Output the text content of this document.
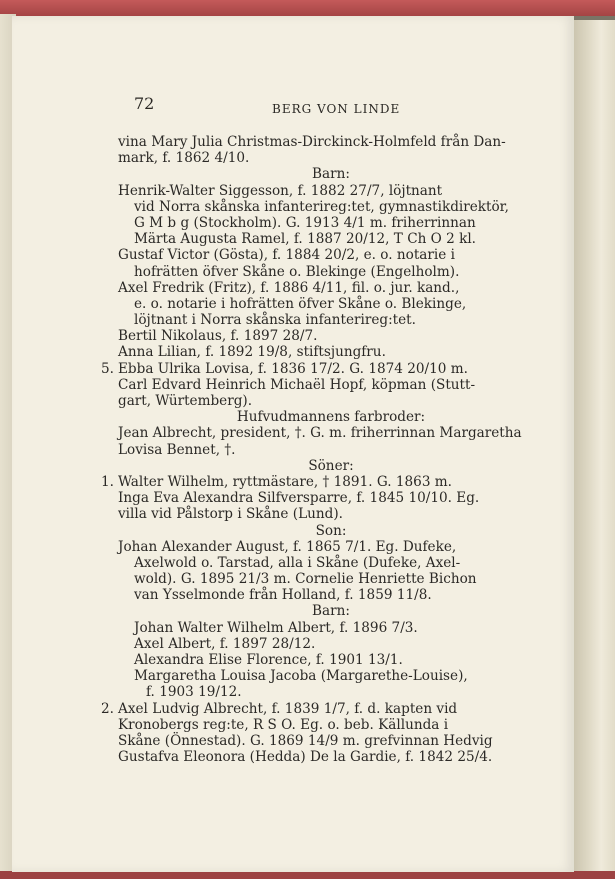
72	BERG VON LINDE
vina Mary Julia Christmas-Dirckinck-Holmfeld från Dan-
mark, f. 1862 4/10.
Barn:
Henrik-Walter Siggesson, f. 1882 27/7, löjtnant
vid Norra skånska infanterireg:tet, gymnastikdirektör,
G M b g (Stockholm). G. 1913 4/1 m. friherrinnan
Märta Augusta Ramel, f. 1887 20/12, T Ch O 2 kl.
Gustaf Victor (Gösta), f. 1884 20/2, e. o. notarie i
hofrätten öfver Skåne o. Blekinge (Engelholm).
Axel Fredrik (Fritz), f. 1886 4/11, fil. o. jur. kand.,
e. o. notarie i hofrätten öfver Skåne o. Blekinge,
löjtnant i Norra skånska infanterireg:tet.
Bertil Nikolaus, f. 1897 28/7.
Anna Lilian, f. 1892 19/8, stiftsjungfru.
5. Ebba Ulrika Lovisa, f. 1836 17/2. G. 1874 20/10 m.
Carl Edvard Heinrich Michaël Hopf, köpman (Stutt-
gart, Würtemberg).
Hufvudmannens farbroder:
Jean Albrecht, president, †. G. m. friherrinnan Margaretha
Lovisa Bennet, †.
Söner:
1. Walter Wilhelm, ryttmästare, † 1891. G. 1863 m.
Inga Eva Alexandra Silfversparre, f. 1845 10/10. Eg.
villa vid Pålstorp i Skåne (Lund).
Son:
Johan Alexander August, f. 1865 7/1. Eg. Dufeke,
Axelwold o. Tarstad, alla i Skåne (Dufeke, Axel-
wold). G. 1895 21/3 m. Cornelie Henriette Bichon
van Ysselmonde från Holland, f. 1859 11/8.
Barn:
Johan Walter Wilhelm Albert, f. 1896 7/3.
Axel Albert, f. 1897 28/12.
Alexandra Elise Florence, f. 1901 13/1.
Margaretha Louisa Jacoba (Margarethe-Louise),
f. 1903 19/12.
2. Axel Ludvig Albrecht, f. 1839 1/7, f. d. kapten vid
Kronobergs reg:te, R S O. Eg. o. beb. Källunda i
Skåne (Önnestad). G. 1869 14/9 m. grefvinnan Hedvig
Gustafva Eleonora (Hedda) De la Gardie, f. 1842 25/4.
